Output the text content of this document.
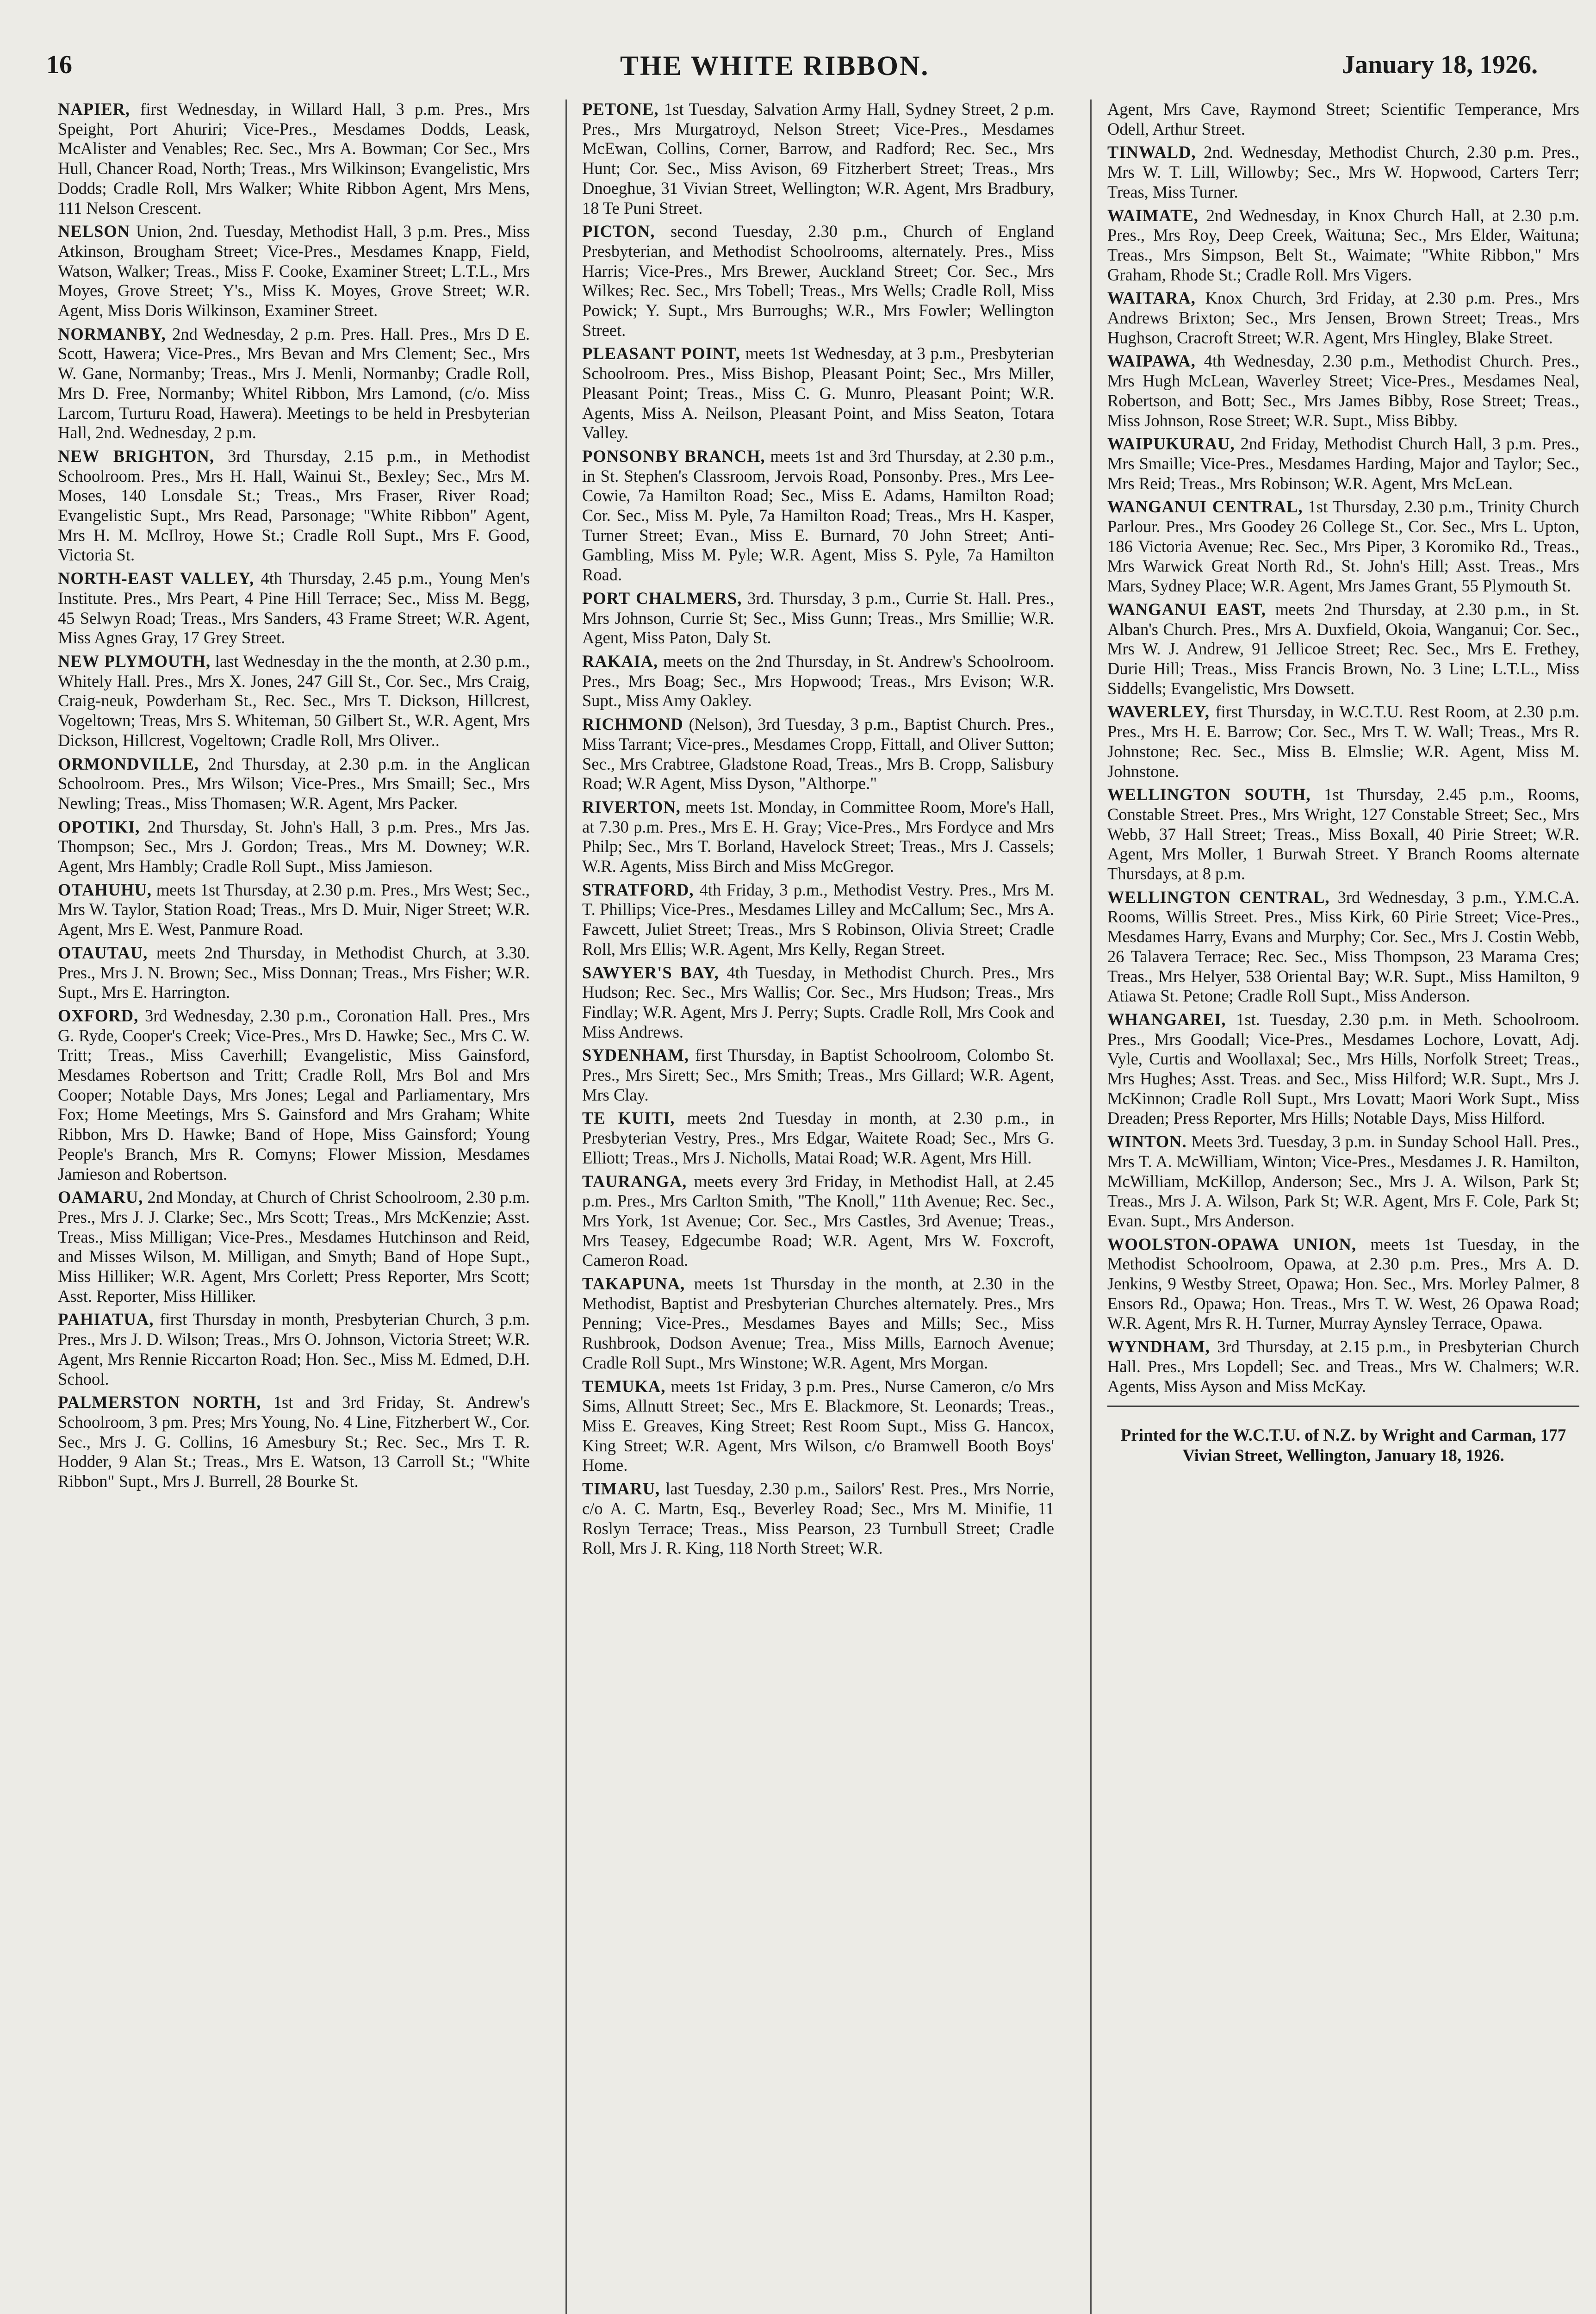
16	THE WHITE RIBBON.	January 18, 1926.

NAPIER, first Wednesday, in Willard Hall, 3 p.m. Pres., Mrs Speight, Port Ahuriri; Vice-Pres., Mesdames Dodds, Leask, McAlister and Venables; Rec. Sec., Mrs A. Bowman; Cor Sec., Mrs Hull, Chancer Road, North; Treas., Mrs Wilkinson; Evangelistic, Mrs Dodds; Cradle Roll, Mrs Walker; White Ribbon Agent, Mrs Mens, 111 Nelson Crescent.

NELSON Union, 2nd. Tuesday, Methodist Hall, 3 p.m. Pres., Miss Atkinson, Brougham Street; Vice-Pres., Mesdames Knapp, Field, Watson, Walker; Treas., Miss F. Cooke, Examiner Street; L.T.L., Mrs Moyes, Grove Street; Y's., Miss K. Moyes, Grove Street; W.R. Agent, Miss Doris Wilkinson, Examiner Street.

NORMANBY, 2nd Wednesday, 2 p.m. Pres. Hall. Pres., Mrs D E. Scott, Hawera; Vice-Pres., Mrs Bevan and Mrs Clement; Sec., Mrs W. Gane, Normanby; Treas., Mrs J. Menli, Normanby; Cradle Roll, Mrs D. Free, Normanby; Whitel Ribbon, Mrs Lamond, (c/o. Miss Larcom, Turturu Road, Hawera). Meetings to be held in Presbyterian Hall, 2nd. Wednesday, 2 p.m.

NEW BRIGHTON, 3rd Thursday, 2.15 p.m., in Methodist Schoolroom. Pres., Mrs H. Hall, Wainui St., Bexley; Sec., Mrs M. Moses, 140 Lonsdale St.; Treas., Mrs Fraser, River Road; Evangelistic Supt., Mrs Read, Parsonage; "White Ribbon" Agent, Mrs H. M. McIlroy, Howe St.; Cradle Roll Supt., Mrs F. Good, Victoria St.

NORTH-EAST VALLEY, 4th Thursday, 2.45 p.m., Young Men's Institute. Pres., Mrs Peart, 4 Pine Hill Terrace; Sec., Miss M. Begg, 45 Selwyn Road; Treas., Mrs Sanders, 43 Frame Street; W.R. Agent, Miss Agnes Gray, 17 Grey Street.

NEW PLYMOUTH, last Wednesday in the the month, at 2.30 p.m., Whitely Hall. Pres., Mrs X. Jones, 247 Gill St., Cor. Sec., Mrs Craig, Craig-neuk, Powderham St., Rec. Sec., Mrs T. Dickson, Hillcrest, Vogeltown; Treas, Mrs S. Whiteman, 50 Gilbert St., W.R. Agent, Mrs Dickson, Hillcrest, Vogeltown; Cradle Roll, Mrs Oliver..

ORMONDVILLE, 2nd Thursday, at 2.30 p.m. in the Anglican Schoolroom. Pres., Mrs Wilson; Vice-Pres., Mrs Smaill; Sec., Mrs Newling; Treas., Miss Thomasen; W.R. Agent, Mrs Packer.

OPOTIKI, 2nd Thursday, St. John's Hall, 3 p.m. Pres., Mrs Jas. Thompson; Sec., Mrs J. Gordon; Treas., Mrs M. Downey; W.R. Agent, Mrs Hambly; Cradle Roll Supt., Miss Jamieson.

OTAHUHU, meets 1st Thursday, at 2.30 p.m. Pres., Mrs West; Sec., Mrs W. Taylor, Station Road; Treas., Mrs D. Muir, Niger Street; W.R. Agent, Mrs E. West, Panmure Road.

OTAUTAU, meets 2nd Thursday, in Methodist Church, at 3.30. Pres., Mrs J. N. Brown; Sec., Miss Donnan; Treas., Mrs Fisher; W.R. Supt., Mrs E. Harrington.

OXFORD, 3rd Wednesday, 2.30 p.m., Coronation Hall. Pres., Mrs G. Ryde, Cooper's Creek; Vice-Pres., Mrs D. Hawke; Sec., Mrs C. W. Tritt; Treas., Miss Caverhill; Evangelistic, Miss Gainsford, Mesdames Robertson and Tritt; Cradle Roll, Mrs Bol and Mrs Cooper; Notable Days, Mrs Jones; Legal and Parliamentary, Mrs Fox; Home Meetings, Mrs S. Gainsford and Mrs Graham; White Ribbon, Mrs D. Hawke; Band of Hope, Miss Gainsford; Young People's Branch, Mrs R. Comyns; Flower Mission, Mesdames Jamieson and Robertson.

OAMARU, 2nd Monday, at Church of Christ Schoolroom, 2.30 p.m. Pres., Mrs J. J. Clarke; Sec., Mrs Scott; Treas., Mrs McKenzie; Asst. Treas., Miss Milligan; Vice-Pres., Mesdames Hutchinson and Reid, and Misses Wilson, M. Milligan, and Smyth; Band of Hope Supt., Miss Hilliker; W.R. Agent, Mrs Corlett; Press Reporter, Mrs Scott; Asst. Reporter, Miss Hilliker.

PAHIATUA, first Thursday in month, Presbyterian Church, 3 p.m. Pres., Mrs J. D. Wilson; Treas., Mrs O. Johnson, Victoria Street; W.R. Agent, Mrs Rennie Riccarton Road; Hon. Sec., Miss M. Edmed, D.H. School.

PALMERSTON NORTH, 1st and 3rd Friday, St. Andrew's Schoolroom, 3 pm. Pres; Mrs Young, No. 4 Line, Fitzherbert W., Cor. Sec., Mrs J. G. Collins, 16 Amesbury St.; Rec. Sec., Mrs T. R. Hodder, 9 Alan St.; Treas., Mrs E. Watson, 13 Carroll St.; "White Ribbon" Supt., Mrs J. Burrell, 28 Bourke St.

PETONE, 1st Tuesday, Salvation Army Hall, Sydney Street, 2 p.m. Pres., Mrs Murgatroyd, Nelson Street; Vice-Pres., Mesdames McEwan, Collins, Corner, Barrow, and Radford; Rec. Sec., Mrs Hunt; Cor. Sec., Miss Avison, 69 Fitzherbert Street; Treas., Mrs Dnoeghue, 31 Vivian Street, Wellington; W.R. Agent, Mrs Bradbury, 18 Te Puni Street.

PICTON, second Tuesday, 2.30 p.m., Church of England Presbyterian, and Methodist Schoolrooms, alternately. Pres., Miss Harris; Vice-Pres., Mrs Brewer, Auckland Street; Cor. Sec., Mrs Wilkes; Rec. Sec., Mrs Tobell; Treas., Mrs Wells; Cradle Roll, Miss Powick; Y. Supt., Mrs Burroughs; W.R., Mrs Fowler; Wellington Street.

PLEASANT POINT, meets 1st Wednesday, at 3 p.m., Presbyterian Schoolroom. Pres., Miss Bishop, Pleasant Point; Sec., Mrs Miller, Pleasant Point; Treas., Miss C. G. Munro, Pleasant Point; W.R. Agents, Miss A. Neilson, Pleasant Point, and Miss Seaton, Totara Valley.

PONSONBY BRANCH, meets 1st and 3rd Thursday, at 2.30 p.m., in St. Stephen's Classroom, Jervois Road, Ponsonby. Pres., Mrs Lee-Cowie, 7a Hamilton Road; Sec., Miss E. Adams, Hamilton Road; Cor. Sec., Miss M. Pyle, 7a Hamilton Road; Treas., Mrs H. Kasper, Turner Street; Evan., Miss E. Burnard, 70 John Street; Anti-Gambling, Miss M. Pyle; W.R. Agent, Miss S. Pyle, 7a Hamilton Road.

PORT CHALMERS, 3rd. Thursday, 3 p.m., Currie St. Hall. Pres., Mrs Johnson, Currie St; Sec., Miss Gunn; Treas., Mrs Smillie; W.R. Agent, Miss Paton, Daly St.

RAKAIA, meets on the 2nd Thursday, in St. Andrew's Schoolroom. Pres., Mrs Boag; Sec., Mrs Hopwood; Treas., Mrs Evison; W.R. Supt., Miss Amy Oakley.

RICHMOND (Nelson), 3rd Tuesday, 3 p.m., Baptist Church. Pres., Miss Tarrant; Vice-pres., Mesdames Cropp, Fittall, and Oliver Sutton; Sec., Mrs Crabtree, Gladstone Road, Treas., Mrs B. Cropp, Salisbury Road; W.R Agent, Miss Dyson, "Althorpe."

RIVERTON, meets 1st. Monday, in Committee Room, More's Hall, at 7.30 p.m. Pres., Mrs E. H. Gray; Vice-Pres., Mrs Fordyce and Mrs Philp; Sec., Mrs T. Borland, Havelock Street; Treas., Mrs J. Cassels; W.R. Agents, Miss Birch and Miss McGregor.

STRATFORD, 4th Friday, 3 p.m., Methodist Vestry. Pres., Mrs M. T. Phillips; Vice-Pres., Mesdames Lilley and McCallum; Sec., Mrs A. Fawcett, Juliet Street; Treas., Mrs S Robinson, Olivia Street; Cradle Roll, Mrs Ellis; W.R. Agent, Mrs Kelly, Regan Street.

SAWYER'S BAY, 4th Tuesday, in Methodist Church. Pres., Mrs Hudson; Rec. Sec., Mrs Wallis; Cor. Sec., Mrs Hudson; Treas., Mrs Findlay; W.R. Agent, Mrs J. Perry; Supts. Cradle Roll, Mrs Cook and Miss Andrews.

SYDENHAM, first Thursday, in Baptist Schoolroom, Colombo St. Pres., Mrs Sirett; Sec., Mrs Smith; Treas., Mrs Gillard; W.R. Agent, Mrs Clay.

TE KUITI, meets 2nd Tuesday in month, at 2.30 p.m., in Presbyterian Vestry, Pres., Mrs Edgar, Waitete Road; Sec., Mrs G. Elliott; Treas., Mrs J. Nicholls, Matai Road; W.R. Agent, Mrs Hill.

TAURANGA, meets every 3rd Friday, in Methodist Hall, at 2.45 p.m. Pres., Mrs Carlton Smith, "The Knoll," 11th Avenue; Rec. Sec., Mrs York, 1st Avenue; Cor. Sec., Mrs Castles, 3rd Avenue; Treas., Mrs Teasey, Edgecumbe Road; W.R. Agent, Mrs W. Foxcroft, Cameron Road.

TAKAPUNA, meets 1st Thursday in the month, at 2.30 in the Methodist, Baptist and Presbyterian Churches alternately. Pres., Mrs Penning; Vice-Pres., Mesdames Bayes and Mills; Sec., Miss Rushbrook, Dodson Avenue; Trea., Miss Mills, Earnoch Avenue; Cradle Roll Supt., Mrs Winstone; W.R. Agent, Mrs Morgan.

TEMUKA, meets 1st Friday, 3 p.m. Pres., Nurse Cameron, c/o Mrs Sims, Allnutt Street; Sec., Mrs E. Blackmore, St. Leonards; Treas., Miss E. Greaves, King Street; Rest Room Supt., Miss G. Hancox, King Street; W.R. Agent, Mrs Wilson, c/o Bramwell Booth Boys' Home.

TIMARU, last Tuesday, 2.30 p.m., Sailors' Rest. Pres., Mrs Norrie, c/o A. C. Martn, Esq., Beverley Road; Sec., Mrs M. Minifie, 11 Roslyn Terrace; Treas., Miss Pearson, 23 Turnbull Street; Cradle Roll, Mrs J. R. King, 118 North Street; W.R.

Agent, Mrs Cave, Raymond Street; Scientific Temperance, Mrs Odell, Arthur Street.

TINWALD, 2nd. Wednesday, Methodist Church, 2.30 p.m. Pres., Mrs W. T. Lill, Willowby; Sec., Mrs W. Hopwood, Carters Terr; Treas, Miss Turner.

WAIMATE, 2nd Wednesday, in Knox Church Hall, at 2.30 p.m. Pres., Mrs Roy, Deep Creek, Waituna; Sec., Mrs Elder, Waituna; Treas., Mrs Simpson, Belt St., Waimate; "White Ribbon," Mrs Graham, Rhode St.; Cradle Roll. Mrs Vigers.

WAITARA, Knox Church, 3rd Friday, at 2.30 p.m. Pres., Mrs Andrews Brixton; Sec., Mrs Jensen, Brown Street; Treas., Mrs Hughson, Cracroft Street; W.R. Agent, Mrs Hingley, Blake Street.

WAIPAWA, 4th Wednesday, 2.30 p.m., Methodist Church. Pres., Mrs Hugh McLean, Waverley Street; Vice-Pres., Mesdames Neal, Robertson, and Bott; Sec., Mrs James Bibby, Rose Street; Treas., Miss Johnson, Rose Street; W.R. Supt., Miss Bibby.

WAIPUKURAU, 2nd Friday, Methodist Church Hall, 3 p.m. Pres., Mrs Smaille; Vice-Pres., Mesdames Harding, Major and Taylor; Sec., Mrs Reid; Treas., Mrs Robinson; W.R. Agent, Mrs McLean.

WANGANUI CENTRAL, 1st Thursday, 2.30 p.m., Trinity Church Parlour. Pres., Mrs Goodey 26 College St., Cor. Sec., Mrs L. Upton, 186 Victoria Avenue; Rec. Sec., Mrs Piper, 3 Koromiko Rd., Treas., Mrs Warwick Great North Rd., St. John's Hill; Asst. Treas., Mrs Mars, Sydney Place; W.R. Agent, Mrs James Grant, 55 Plymouth St.

WANGANUI EAST, meets 2nd Thursday, at 2.30 p.m., in St. Alban's Church. Pres., Mrs A. Duxfield, Okoia, Wanganui; Cor. Sec., Mrs W. J. Andrew, 91 Jellicoe Street; Rec. Sec., Mrs E. Frethey, Durie Hill; Treas., Miss Francis Brown, No. 3 Line; L.T.L., Miss Siddells; Evangelistic, Mrs Dowsett.

WAVERLEY, first Thursday, in W.C.T.U. Rest Room, at 2.30 p.m. Pres., Mrs H. E. Barrow; Cor. Sec., Mrs T. W. Wall; Treas., Mrs R. Johnstone; Rec. Sec., Miss B. Elmslie; W.R. Agent, Miss M. Johnstone.

WELLINGTON SOUTH, 1st Thursday, 2.45 p.m., Rooms, Constable Street. Pres., Mrs Wright, 127 Constable Street; Sec., Mrs Webb, 37 Hall Street; Treas., Miss Boxall, 40 Pirie Street; W.R. Agent, Mrs Moller, 1 Burwah Street. Y Branch Rooms alternate Thursdays, at 8 p.m.

WELLINGTON CENTRAL, 3rd Wednesday, 3 p.m., Y.M.C.A. Rooms, Willis Street. Pres., Miss Kirk, 60 Pirie Street; Vice-Pres., Mesdames Harry, Evans and Murphy; Cor. Sec., Mrs J. Costin Webb, 26 Talavera Terrace; Rec. Sec., Miss Thompson, 23 Marama Cres; Treas., Mrs Helyer, 538 Oriental Bay; W.R. Supt., Miss Hamilton, 9 Atiawa St. Petone; Cradle Roll Supt., Miss Anderson.

WHANGAREI, 1st. Tuesday, 2.30 p.m. in Meth. Schoolroom. Pres., Mrs Goodall; Vice-Pres., Mesdames Lochore, Lovatt, Adj. Vyle, Curtis and Woollaxal; Sec., Mrs Hills, Norfolk Street; Treas., Mrs Hughes; Asst. Treas. and Sec., Miss Hilford; W.R. Supt., Mrs J. McKinnon; Cradle Roll Supt., Mrs Lovatt; Maori Work Supt., Miss Dreaden; Press Reporter, Mrs Hills; Notable Days, Miss Hilford.

WINTON. Meets 3rd. Tuesday, 3 p.m. in Sunday School Hall. Pres., Mrs T. A. McWilliam, Winton; Vice-Pres., Mesdames J. R. Hamilton, McWilliam, McKillop, Anderson; Sec., Mrs J. A. Wilson, Park St; Treas., Mrs J. A. Wilson, Park St; W.R. Agent, Mrs F. Cole, Park St; Evan. Supt., Mrs Anderson.

WOOLSTON-OPAWA UNION, meets 1st Tuesday, in the Methodist Schoolroom, Opawa, at 2.30 p.m. Pres., Mrs A. D. Jenkins, 9 Westby Street, Opawa; Hon. Sec., Mrs. Morley Palmer, 8 Ensors Rd., Opawa; Hon. Treas., Mrs T. W. West, 26 Opawa Road; W.R. Agent, Mrs R. H. Turner, Murray Aynsley Terrace, Opawa.

WYNDHAM, 3rd Thursday, at 2.15 p.m., in Presbyterian Church Hall. Pres., Mrs Lopdell; Sec. and Treas., Mrs W. Chalmers; W.R. Agents, Miss Ayson and Miss McKay.

Printed for the W.C.T.U. of N.Z. by Wright and Carman, 177 Vivian Street, Wellington, January 18, 1926.
